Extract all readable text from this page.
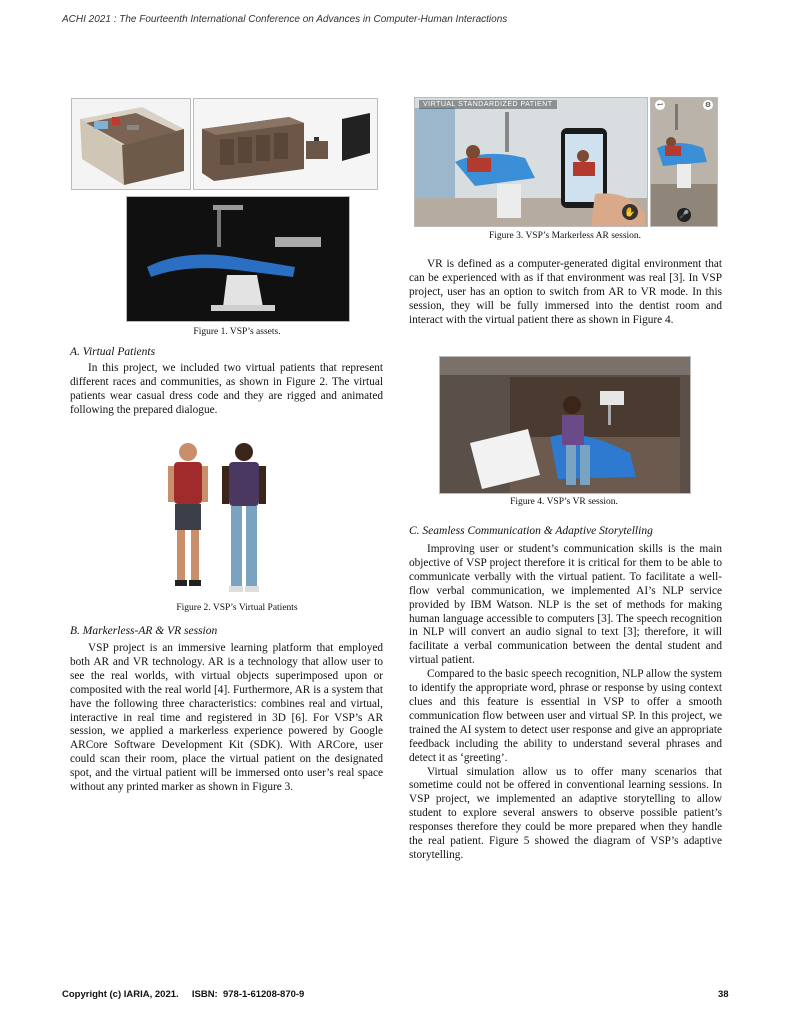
ACHI 2021 : The Fourteenth International Conference on Advances in Computer-Human Interactions
Figure 1. VSP’s assets.
A. Virtual Patients

In this project, we included two virtual patients that represent different races and communities, as shown in Figure 2. The virtual patients wear casual dress code and they are rigged and animated following the prepared dialogue.

Figure 2. VSP’s Virtual Patients
B. Markerless-AR & VR session

VSP project is an immersive learning platform that employed both AR and VR technology. AR is a technology that allow user to see the real worlds, with virtual objects superimposed upon or composited with the real world [4]. Furthermore, AR is a system that have the following three characteristics: combines real and virtual, interactive in real time and registered in 3D [6]. For VSP’s AR session, we applied a markerless experience powered by Google ARCore Software Development Kit (SDK). With ARCore, user could scan their room, place the virtual patient on the designated spot, and the virtual patient will be immersed onto user’s real space without any printed marker as shown in Figure 3.

VIRTUAL STANDARDIZED PATIENT
✋
↩	⚙
🎤
Figure 3. VSP’s Markerless AR session.

VR is defined as a computer-generated digital environment that can be experienced with as if that environment was real [3]. In VSP project, user has an option to switch from AR to VR mode. In this session, they will be fully immersed into the dentist room and interact with the virtual patient there as shown in Figure 4.

Figure 4. VSP’s VR session.
C. Seamless Communication & Adaptive Storytelling

Improving user or student’s communication skills is the main objective of VSP project therefore it is critical for them to be able to communicate verbally with the virtual patient. To facilitate a well-flow verbal communication, we implemented AI’s NLP service provided by IBM Watson. NLP is the set of methods for making human language accessible to computers [3]. The speech recognition in NLP will convert an audio signal to text [3]; therefore, it will facilitate a verbal communication between the dental student and virtual patient.

Compared to the basic speech recognition, NLP allow the system to identify the appropriate word, phrase or response by using context clues and this feature is essential in VSP to offer a smooth communication flow between user and virtual SP. In this project, we trained the AI system to detect user response and give an appropriate feedback including the ability to understand several phrases and detect it as ‘greeting’.

Virtual simulation allow us to offer many scenarios that sometime could not be offered in conventional learning sessions. In VSP project, we implemented an adaptive storytelling to allow student to explore several answers to observe possible patient’s responses therefore they could be more prepared when they handle the real patient. Figure 5 showed the diagram of VSP’s adaptive storytelling.

Copyright (c) IARIA, 2021.     ISBN:  978-1-61208-870-9	38
